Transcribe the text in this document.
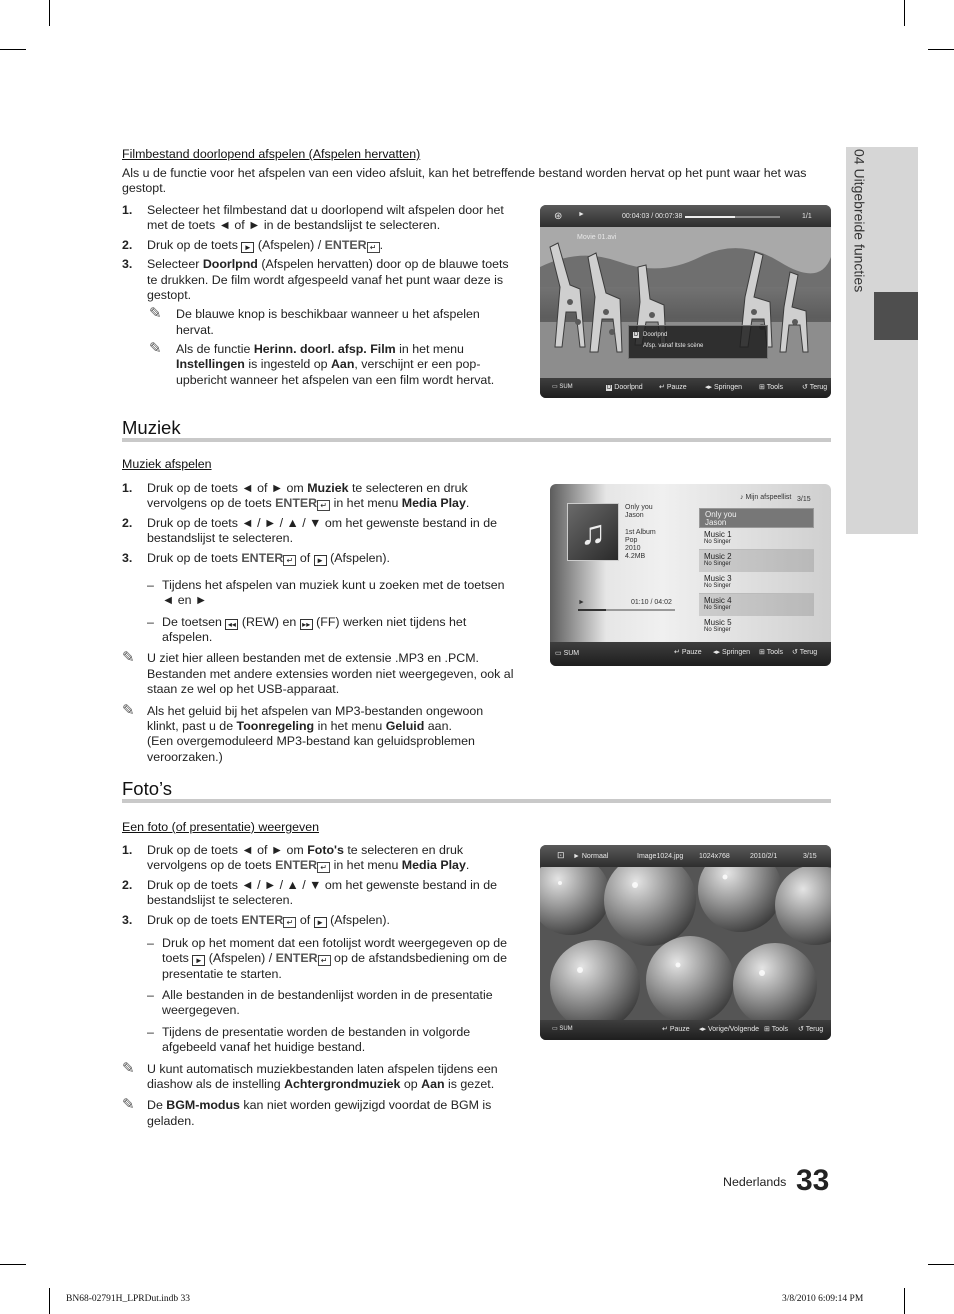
04 Uitgebreide functies
Filmbestand doorlopend afspelen (Afspelen hervatten)
Als u de functie voor het afspelen van een video afsluit, kan het betreffende bestand worden hervat op het punt waar het was gestopt.
1. Selecteer het filmbestand dat u doorlopend wilt afspelen door het met de toets ◄ of ► in de bestandslijst te selecteren.
2. Druk op de toets ► (Afspelen) / ENTER ↵ .
3. Selecteer Doorlpnd (Afspelen hervatten) door op de blauwe toets te drukken. De film wordt afgespeeld vanaf het punt waar deze is gestopt.
✎ De blauwe knop is beschikbaar wanneer u het afspelen hervat.
✎ Als de functie Herinn. doorl. afsp. Film in het menu Instellingen is ingesteld op Aan, verschijnt er een pop-upbericht wanneer het afspelen van een film wordt hervat.
⊛ ►	00:04:03 / 00:07:38	1/1
Movie 01.avi
D Doorlpnd
Afsp. vanaf ltste scène
▭ SUM	D Doorlpnd ↵ Pauze	◂▸ Springen ⊞ Tools	↺ Terug
Muziek
Muziek afspelen
1. Druk op de toets ◄ of ► om Muziek te selecteren en druk vervolgens op de toets ENTER ↵ in het menu Media Play.
2. Druk op de toets ◄ / ► / ▲ / ▼ om het gewenste bestand in de bestandslijst te selecteren.
3. Druk op de toets ENTER ↵ of ► (Afspelen).
– Tijdens het afspelen van muziek kunt u zoeken met de toetsen ◄ en ►
– De toetsen ◂◂ (REW) en ▸▸ (FF) werken niet tijdens het afspelen.
✎ U ziet hier alleen bestanden met de extensie .MP3 en .PCM. Bestanden met andere extensies worden niet weergegeven, ook al staan ze wel op het USB-apparaat.
✎ Als het geluid bij het afspelen van MP3-bestanden ongewoon klinkt, past u de Toonregeling in het menu Geluid aan.
(Een overgemoduleerd MP3-bestand kan geluidsproblemen veroorzaken.)
♫
Only you
Jason
1st Album
Pop
2010
4.2MB
►	01:10 / 04:02
♪ Mijn afspeellist 3/15
Only you
Jason
Music 1
No Singer
Music 2
No Singer
Music 3
No Singer
Music 4
No Singer
Music 5
No Singer
▭ SUM	↵ Pauze ◂▸ Springen ⊞ Tools ↺ Terug
Foto’s
Een foto (of presentatie) weergeven
1. Druk op de toets ◄ of ► om Foto's te selecteren en druk vervolgens op de toets ENTER ↵ in het menu Media Play.
2. Druk op de toets ◄ / ► / ▲ / ▼ om het gewenste bestand in de bestandslijst te selecteren.
3. Druk op de toets ENTER ↵ of ► (Afspelen).
– Druk op het moment dat een fotolijst wordt weergegeven op de toets ► (Afspelen) / ENTER ↵ op de afstandsbediening om de presentatie te starten.
– Alle bestanden in de bestandenlijst worden in de presentatie weergegeven.
– Tijdens de presentatie worden de bestanden in volgorde afgebeeld vanaf het huidige bestand.
✎ U kunt automatisch muziekbestanden laten afspelen tijdens een diashow als de instelling Achtergrondmuziek op Aan is gezet.
✎ De BGM-modus kan niet worden gewijzigd voordat de BGM is geladen.
⊡ ► Normaal	Image1024.jpg 1024x768	2010/2/1	3/15
▭ SUM	↵ Pauze ◂▸ Vorige/Volgende ⊞ Tools ↺ Terug
Nederlands 33
BN68-02791H_LPRDut.indb 33	3/8/2010 6:09:14 PM
